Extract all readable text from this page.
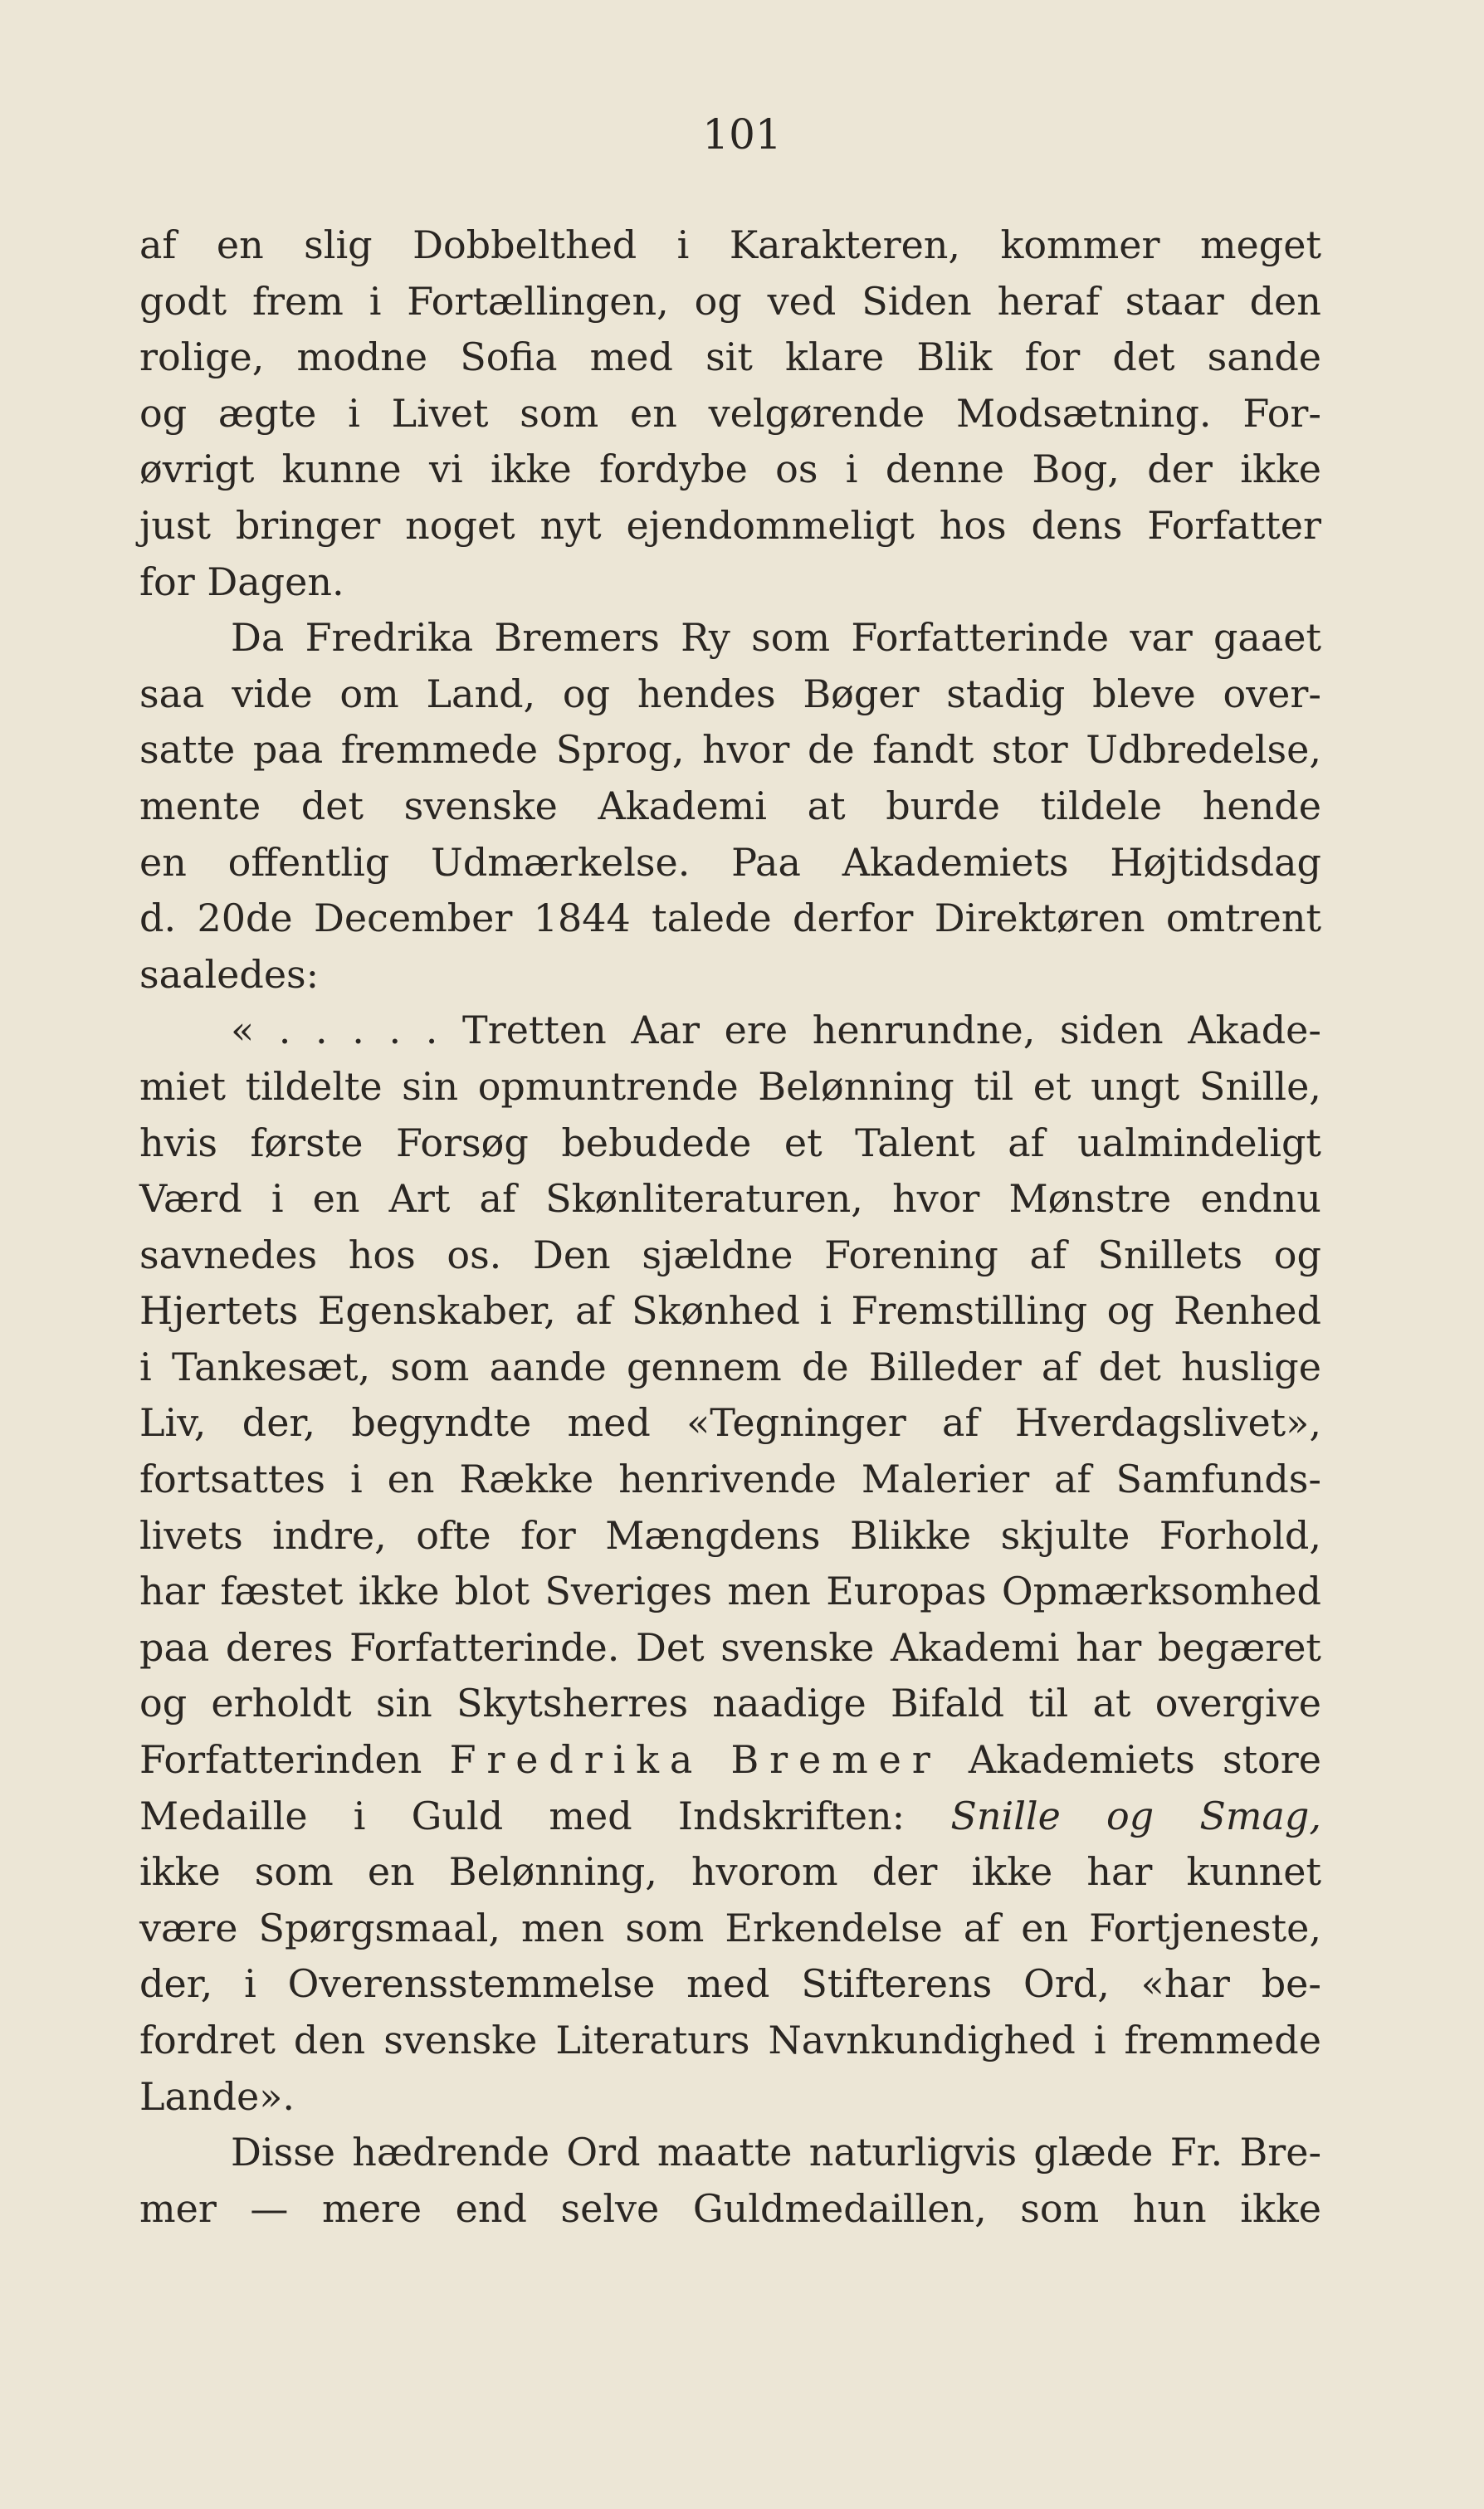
101
af en slig Dobbelthed i Karakteren, kommer meget
godt frem i Fortællingen, og ved Siden heraf staar den
rolige, modne Sofia med sit klare Blik for det sande
og ægte i Livet som en velgørende Modsætning. For-
øvrigt kunne vi ikke fordybe os i denne Bog, der ikke
just bringer noget nyt ejendommeligt hos dens Forfatter
for
Dagen.
Da Fredrika Bremers Ry som Forfatterinde var gaaet
saa vide om Land, og hendes Bøger stadig bleve over-
satte paa fremmede Sprog, hvor de fandt stor Udbredelse,
mente det svenske Akademi at burde tildele hende
en offentlig Udmærkelse. Paa Akademiets Højtidsdag
d. 20de December 1844 talede derfor Direktøren omtrent
saaledes:
« . . . . . Tretten Aar ere henrundne, siden Akade-
miet tildelte sin opmuntrende Belønning til et ungt Snille,
hvis første Forsøg bebudede et Talent af ualmindeligt
Værd i en Art af Skønliteraturen, hvor Mønstre endnu
savnedes hos os. Den sjældne Forening af Snillets og
Hjertets Egenskaber, af Skønhed i Fremstilling og Renhed
i Tankesæt, som aande gennem de Billeder af det huslige
Liv, der, begyndte med «Tegninger af Hverdagslivet»,
fortsattes i en Række henrivende Malerier af Samfunds-
livets indre, ofte for Mængdens Blikke skjulte Forhold,
har fæstet ikke blot Sveriges men Europas Opmærksomhed
paa deres Forfatterinde. Det svenske Akademi har begæret
og erholdt sin Skytsherres naadige Bifald til at overgive
Forfatterinden Fredrika Bremer Akademiets store
Medaille i Guld med Indskriften: Snille og Smag,
ikke som en Belønning, hvorom der ikke har kunnet
være Spørgsmaal, men som Erkendelse af en Fortjeneste,
der, i Overensstemmelse med Stifterens Ord, «har be-
fordret den svenske Literaturs Navnkundighed i fremmede
Lande».
Disse hædrende Ord maatte naturligvis glæde Fr. Bre-
mer — mere end selve Guldmedaillen, som hun ikke
